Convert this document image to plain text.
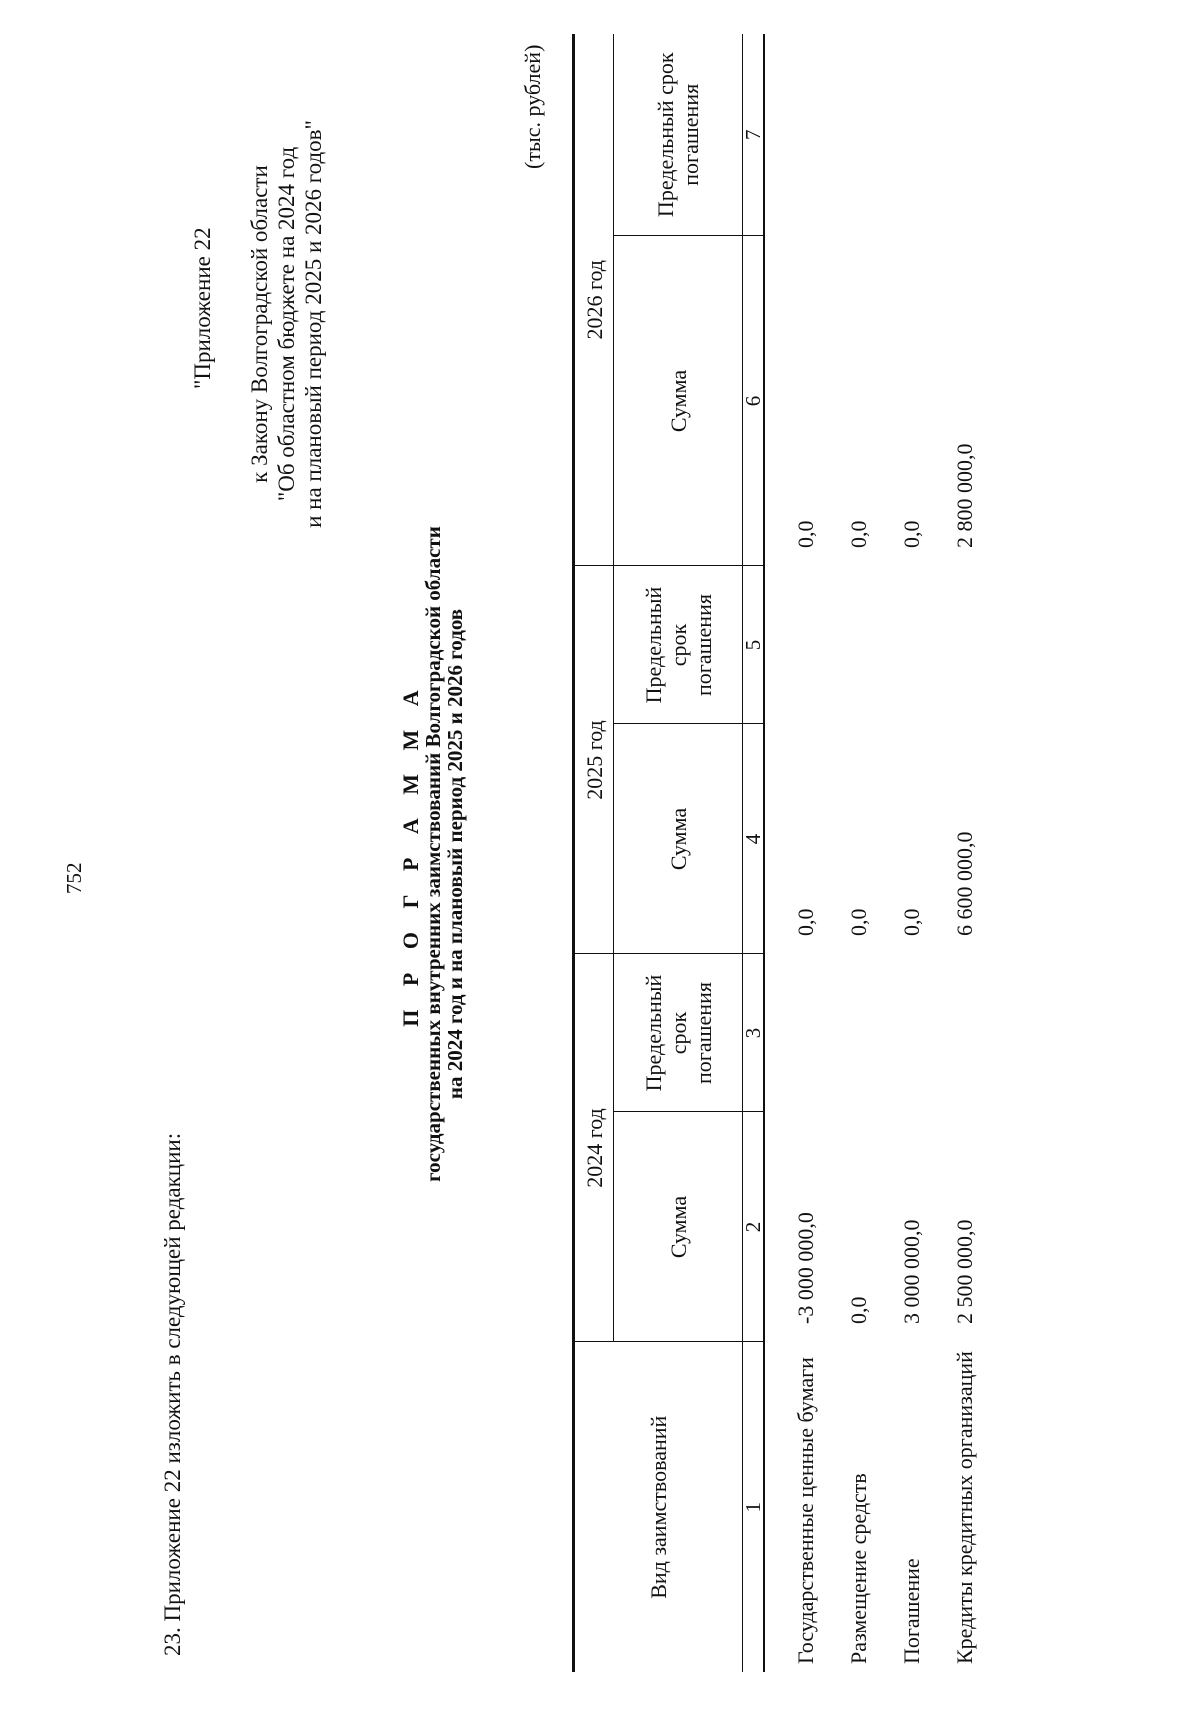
752
23. Приложение 22 изложить в следующей редакции:
"Приложение 22 к Закону Волгоградской области "Об областном бюджете на 2024 год и на плановый период 2025 и 2026 годов"
П Р О Г Р А М М А
государственных внутренних заимствований Волгоградской области
на 2024 год и на плановый период 2025 и 2026 годов
(тыс. рублей)
Вид заимствований	2024 год		2025 год		2026 год	
	Сумма	Предельный срок погашения	Сумма	Предельный срок погашения	Сумма	Предельный срок погашения
1	2	3	4	5	6	7
Государственные ценные бумаги	-3 000 000,0		0,0		0,0	
Размещение средств	0,0		0,0		0,0	
Погашение	3 000 000,0		0,0		0,0	
Кредиты кредитных организаций	2 500 000,0		6 600 000,0		2 800 000,0	
